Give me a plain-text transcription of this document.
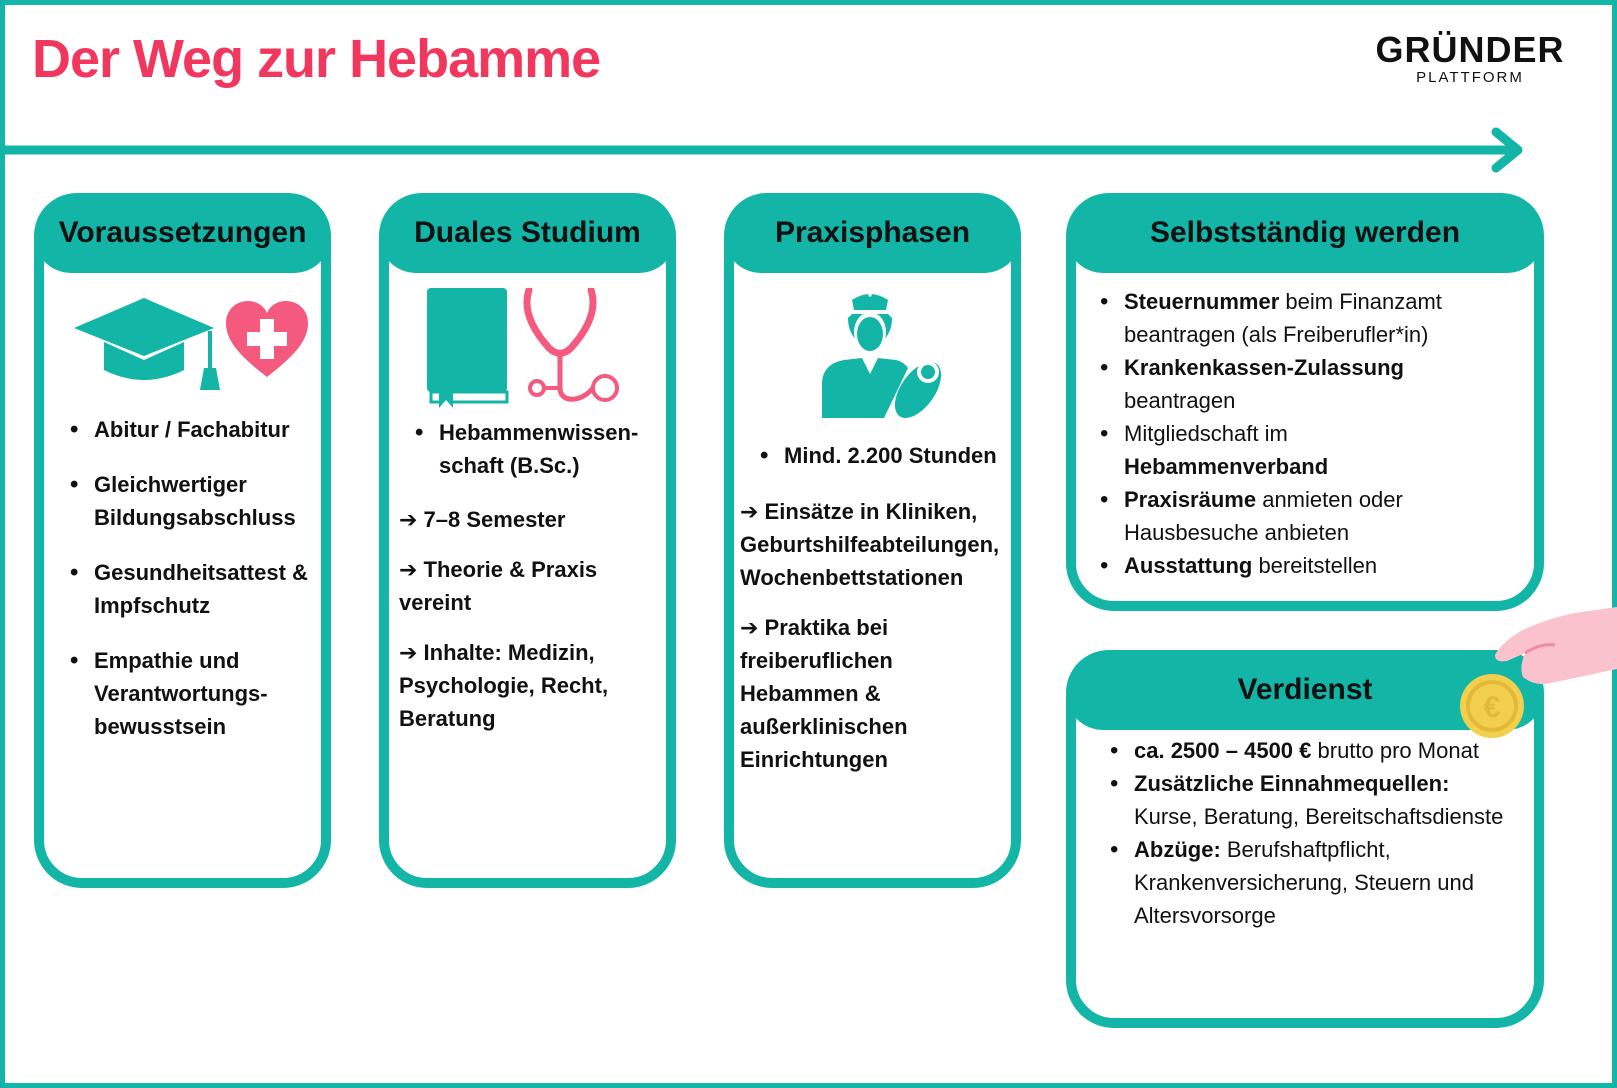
Der Weg zur Hebamme	GRÜNDER
PLATTFORM
Voraussetzungen
• Abitur / Fachabitur
• Gleichwertiger Bildungsabschluss
• Gesundheitsattest & Impfschutz
• Empathie und Verantwortungs-bewusstsein
Duales Studium
• Hebammenwissen-schaft (B.Sc.)
➔ 7–8 Semester
➔ Theorie & Praxis vereint
➔ Inhalte: Medizin, Psychologie, Recht, Beratung
Praxisphasen
• Mind. 2.200 Stunden
➔ Einsätze in Kliniken, Geburtshilfeabteilungen, Wochenbettstationen
➔ Praktika bei freiberuflichen Hebammen & außerklinischen Einrichtungen
Selbstständig werden
• Steuernummer beim Finanzamt beantragen (als Freiberufler*in)
• Krankenkassen-Zulassung
beantragen
• Mitgliedschaft im
Hebammenverband
• Praxisräume anmieten oder Hausbesuche anbieten
• Ausstattung bereitstellen
Verdienst
• ca. 2500 – 4500 € brutto pro Monat
• Zusätzliche Einnahmequellen:
Kurse, Beratung, Bereitschaftsdienste
• Abzüge: Berufshaftpflicht, Krankenversicherung, Steuern und Altersvorsorge
€
